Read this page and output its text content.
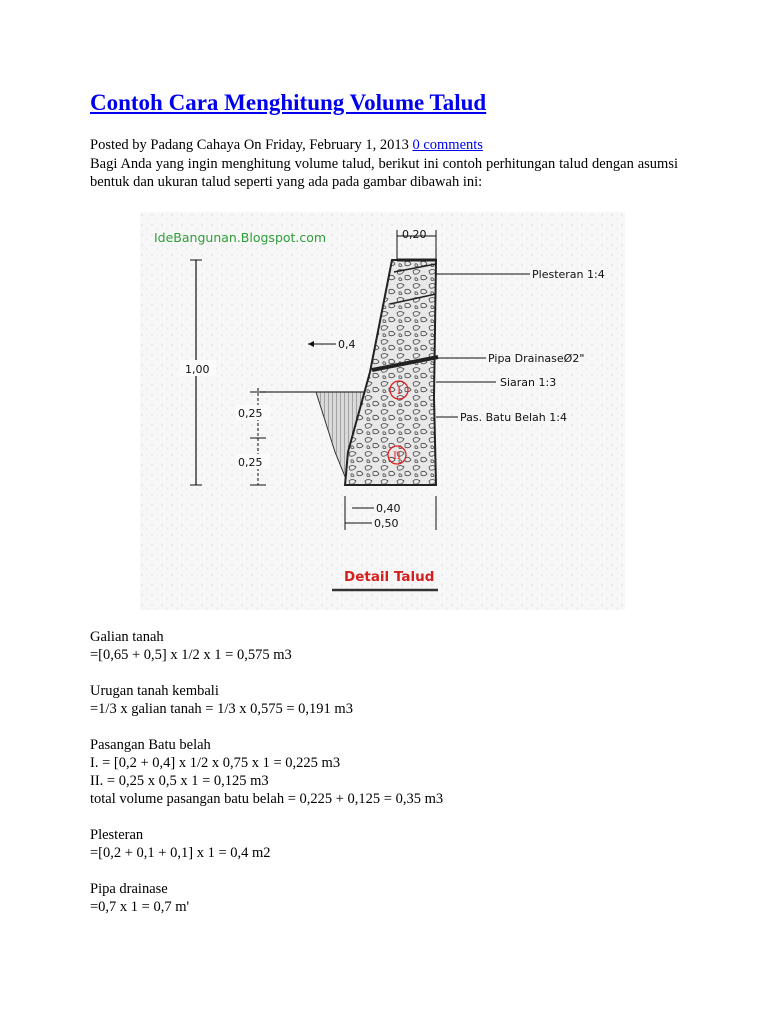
Contoh Cara Menghitung Volume Talud
Posted by Padang Cahaya On Friday, February 1, 2013 0 comments
Bagi Anda yang ingin menghitung volume talud, berikut ini contoh perhitungan talud dengan asumsi bentuk dan ukuran talud seperti yang ada pada gambar dibawah ini:
IdeBangunan.Blogspot.com
I
II
0,20
1,00
0,4
0,25
0,25
0,40
0,50
Plesteran 1:4
Pipa DrainaseØ2"
Siaran 1:3
Pas. Batu Belah 1:4
Detail Talud
Galian tanah
=[0,65 + 0,5] x 1/2 x 1 = 0,575 m3
Urugan tanah kembali
=1/3 x galian tanah = 1/3 x 0,575 = 0,191 m3
Pasangan Batu belah
I. = [0,2 + 0,4] x 1/2 x 0,75 x 1 = 0,225 m3
II. = 0,25 x 0,5 x 1 = 0,125 m3
total volume pasangan batu belah = 0,225 + 0,125 = 0,35 m3
Plesteran
=[0,2 + 0,1 + 0,1] x 1 = 0,4 m2
Pipa drainase
=0,7 x 1 = 0,7 m'
